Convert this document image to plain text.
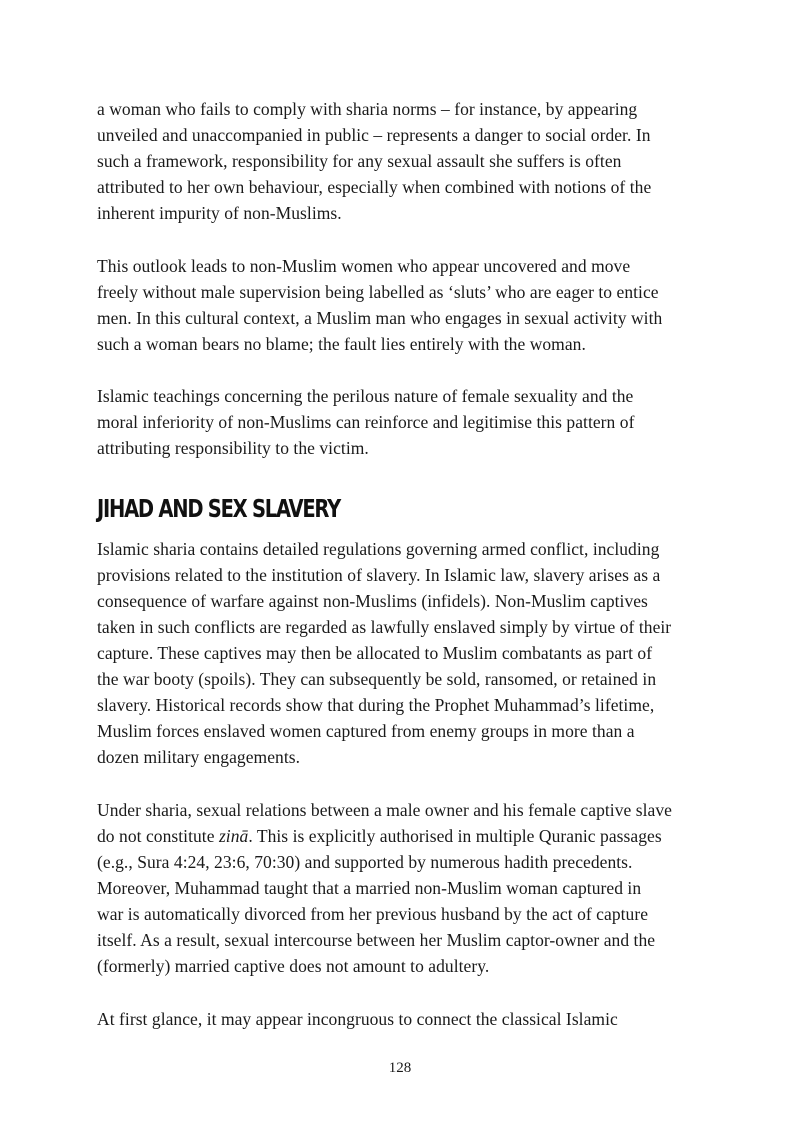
a woman who fails to comply with sharia norms – for instance, by appearing
unveiled and unaccompanied in public – represents a danger to social order. In
such a framework, responsibility for any sexual assault she suffers is often
attributed to her own behaviour, especially when combined with notions of the
inherent impurity of non-Muslims.
This outlook leads to non-Muslim women who appear uncovered and move
freely without male supervision being labelled as ‘sluts’ who are eager to entice
men. In this cultural context, a Muslim man who engages in sexual activity with
such a woman bears no blame; the fault lies entirely with the woman.
Islamic teachings concerning the perilous nature of female sexuality and the
moral inferiority of non-Muslims can reinforce and legitimise this pattern of
attributing responsibility to the victim.
JIHAD AND SEX SLAVERY
Islamic sharia contains detailed regulations governing armed conflict, including
provisions related to the institution of slavery. In Islamic law, slavery arises as a
consequence of warfare against non-Muslims (infidels). Non-Muslim captives
taken in such conflicts are regarded as lawfully enslaved simply by virtue of their
capture. These captives may then be allocated to Muslim combatants as part of
the war booty (spoils). They can subsequently be sold, ransomed, or retained in
slavery. Historical records show that during the Prophet Muhammad’s lifetime,
Muslim forces enslaved women captured from enemy groups in more than a
dozen military engagements.
Under sharia, sexual relations between a male owner and his female captive slave
do not constitute zinā. This is explicitly authorised in multiple Quranic passages
(e.g., Sura 4:24, 23:6, 70:30) and supported by numerous hadith precedents.
Moreover, Muhammad taught that a married non-Muslim woman captured in
war is automatically divorced from her previous husband by the act of capture
itself. As a result, sexual intercourse between her Muslim captor-owner and the
(formerly) married captive does not amount to adultery.
At first glance, it may appear incongruous to connect the classical Islamic
128
